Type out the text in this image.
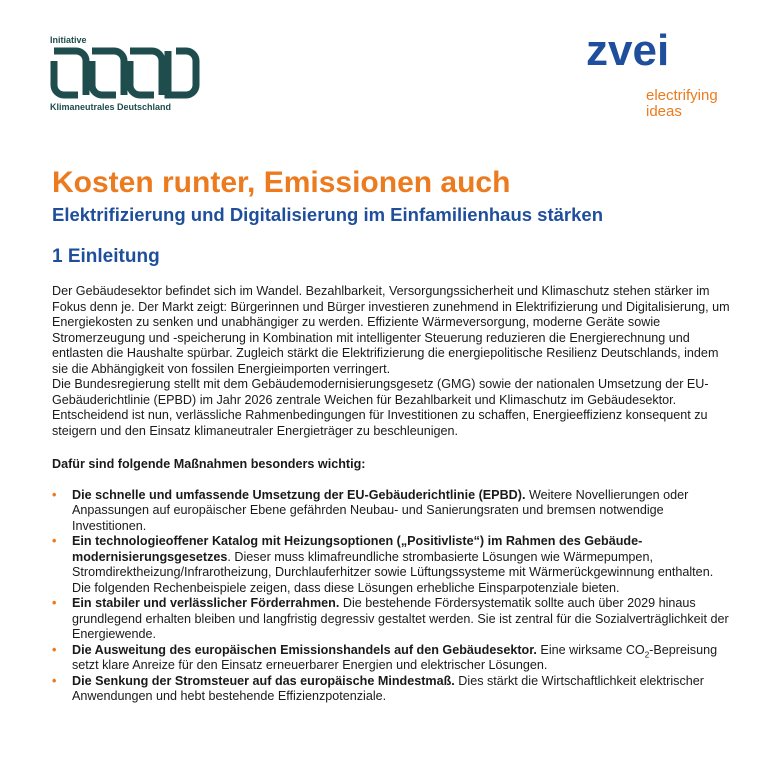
Initiative
Klimaneutrales Deutschland
zvei
electrifying
ideas
Kosten runter, Emissionen auch
Elektrifizierung und Digitalisierung im Einfamilienhaus stärken
1 Einleitung

Der Gebäudesektor befindet sich im Wandel. Bezahlbarkeit, Versorgungssicherheit und Klimaschutz stehen stärker im Fokus denn je. Der Markt zeigt: Bürgerinnen und Bürger investieren zunehmend in Elektrifizierung und Digitalisierung, um Energiekosten zu senken und unabhängiger zu werden. Effiziente Wärmeversorgung, moderne Geräte sowie Stromerzeugung und -speicherung in Kombination mit intelligenter Steuerung reduzieren die Energierechnung und entlasten die Haushalte spürbar. Zugleich stärkt die Elektrifizierung die energiepolitische Resilienz Deutschlands, indem sie die Abhängigkeit von fossilen Energieimporten verringert.

Die Bundesregierung stellt mit dem Gebäudemodernisierungsgesetz (GMG) sowie der nationalen Umsetzung der EU-Gebäuderichtlinie (EPBD) im Jahr 2026 zentrale Weichen für Bezahlbarkeit und Klimaschutz im Gebäudesektor. Entscheidend ist nun, verlässliche Rahmenbedingungen für Investitionen zu schaffen, Energieeffizienz konsequent zu steigern und den Einsatz klimaneutraler Energieträger zu beschleunigen.

Dafür sind folgende Maßnahmen besonders wichtig:

• Die schnelle und umfassende Umsetzung der EU-Gebäuderichtlinie (EPBD). Weitere Novellierungen oder Anpassungen auf europäischer Ebene gefährden Neubau- und Sanierungsraten und bremsen notwendige Investitionen.
• Ein technologieoffener Katalog mit Heizungsoptionen („Positivliste“) im Rahmen des Gebäudemodernisierungsgesetzes. Dieser muss klimafreundliche strombasierte Lösungen wie Wärmepumpen, Stromdirektheizung/Infrarotheizung, Durchlauferhitzer sowie Lüftungssysteme mit Wärmerückgewinnung enthalten. Die folgenden Rechenbeispiele zeigen, dass diese Lösungen erhebliche Einsparpotenziale bieten.
• Ein stabiler und verlässlicher Förderrahmen. Die bestehende Fördersystematik sollte auch über 2029 hinaus grundlegend erhalten bleiben und langfristig degressiv gestaltet werden. Sie ist zentral für die Sozialverträglichkeit der Energiewende.
• Die Ausweitung des europäischen Emissionshandels auf den Gebäudesektor. Eine wirksame $CO_2$-Bepreisung setzt klare Anreize für den Einsatz erneuerbarer Energien und elektrischer Lösungen.
• Die Senkung der Stromsteuer auf das europäische Mindestmaß. Dies stärkt die Wirtschaftlichkeit elektrischer Anwendungen und hebt bestehende Effizienzpotenziale.
